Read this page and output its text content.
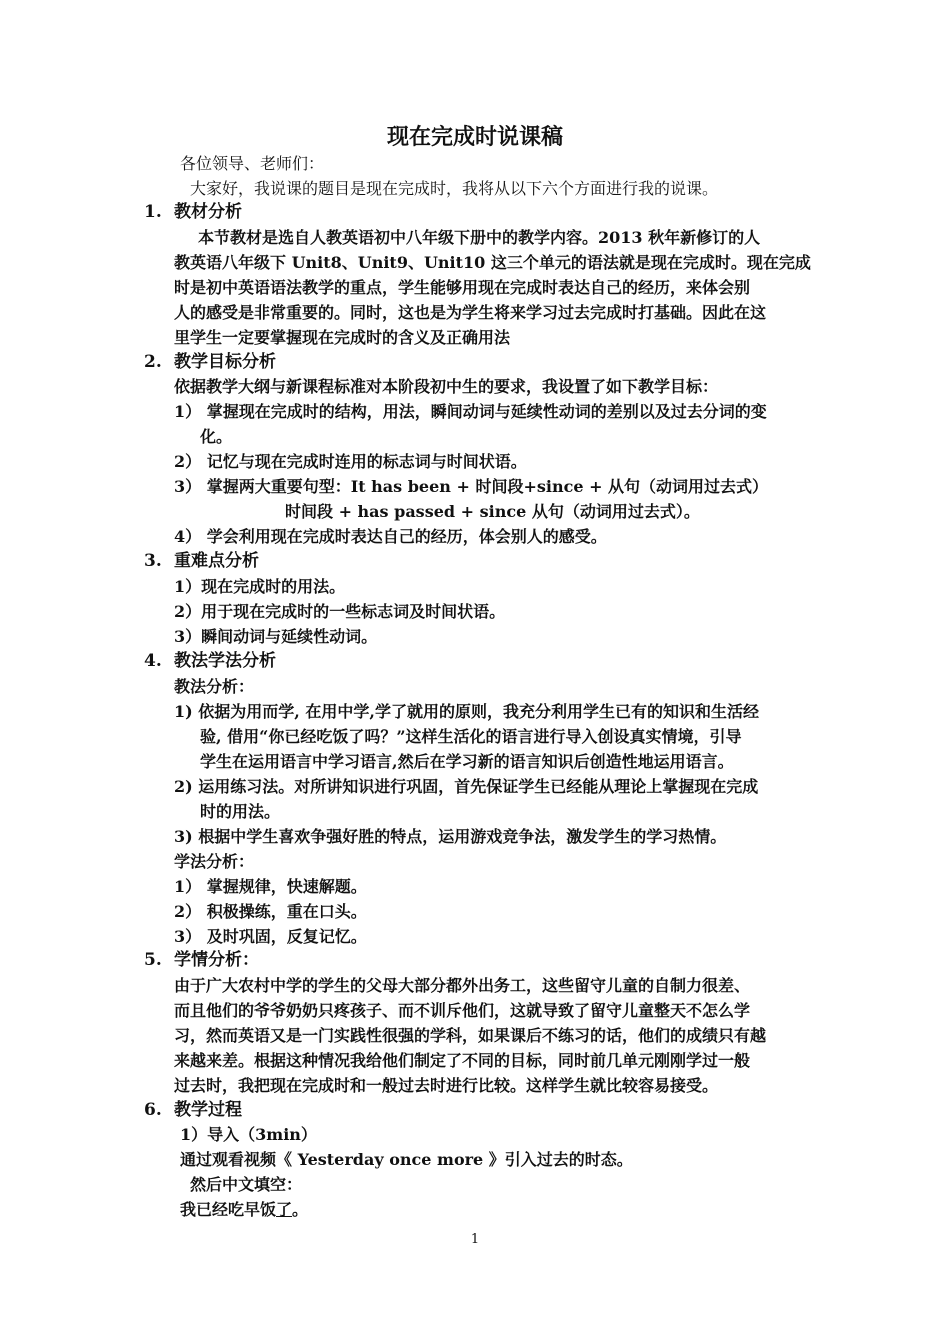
现在完成时说课稿
各位领导、老师们：
大家好，我说课的题目是现在完成时，我将从以下六个方面进行我的说课。
1. 教材分析
本节教材是选自人教英语初中八年级下册中的教学内容。2013 秋年新修订的人
教英语八年级下 Unit8、Unit9、Unit10 这三个单元的语法就是现在完成时。现在完成
时是初中英语语法教学的重点，学生能够用现在完成时表达自己的经历，来体会别
人的感受是非常重要的。同时，这也是为学生将来学习过去完成时打基础。因此在这
里学生一定要掌握现在完成时的含义及正确用法
2. 教学目标分析
依据教学大纲与新课程标准对本阶段初中生的要求，我设置了如下教学目标：
1） 掌握现在完成时的结构，用法，瞬间动词与延续性动词的差别以及过去分词的变
化。
2） 记忆与现在完成时连用的标志词与时间状语。
3） 掌握两大重要句型：It has been + 时间段+since + 从句（动词用过去式）
时间段 + has passed + since 从句（动词用过去式）。
4） 学会利用现在完成时表达自己的经历，体会别人的感受。
3. 重难点分析
1）现在完成时的用法。
2）用于现在完成时的一些标志词及时间状语。
3）瞬间动词与延续性动词。
4. 教法学法分析
教法分析：
1) 依据为用而学, 在用中学,学了就用的原则，我充分利用学生已有的知识和生活经
验, 借用“你已经吃饭了吗？”这样生活化的语言进行导入创设真实情境，引导
学生在运用语言中学习语言,然后在学习新的语言知识后创造性地运用语言。
2) 运用练习法。对所讲知识进行巩固，首先保证学生已经能从理论上掌握现在完成
时的用法。
3) 根据中学生喜欢争强好胜的特点，运用游戏竞争法，激发学生的学习热情。
学法分析：
1） 掌握规律，快速解题。
2） 积极操练，重在口头。
3） 及时巩固，反复记忆。
5. 学情分析：
由于广大农村中学的学生的父母大部分都外出务工，这些留守儿童的自制力很差、
而且他们的爷爷奶奶只疼孩子、而不训斥他们，这就导致了留守儿童整天不怎么学
习，然而英语又是一门实践性很强的学科，如果课后不练习的话，他们的成绩只有越
来越来差。根据这种情况我给他们制定了不同的目标，同时前几单元刚刚学过一般
过去时，我把现在完成时和一般过去时进行比较。这样学生就比较容易接受。
6. 教学过程
1）导入（3min）
通过观看视频《 Yesterday once more 》引入过去的时态。
然后中文填空：
我已经吃早饭了。
1
